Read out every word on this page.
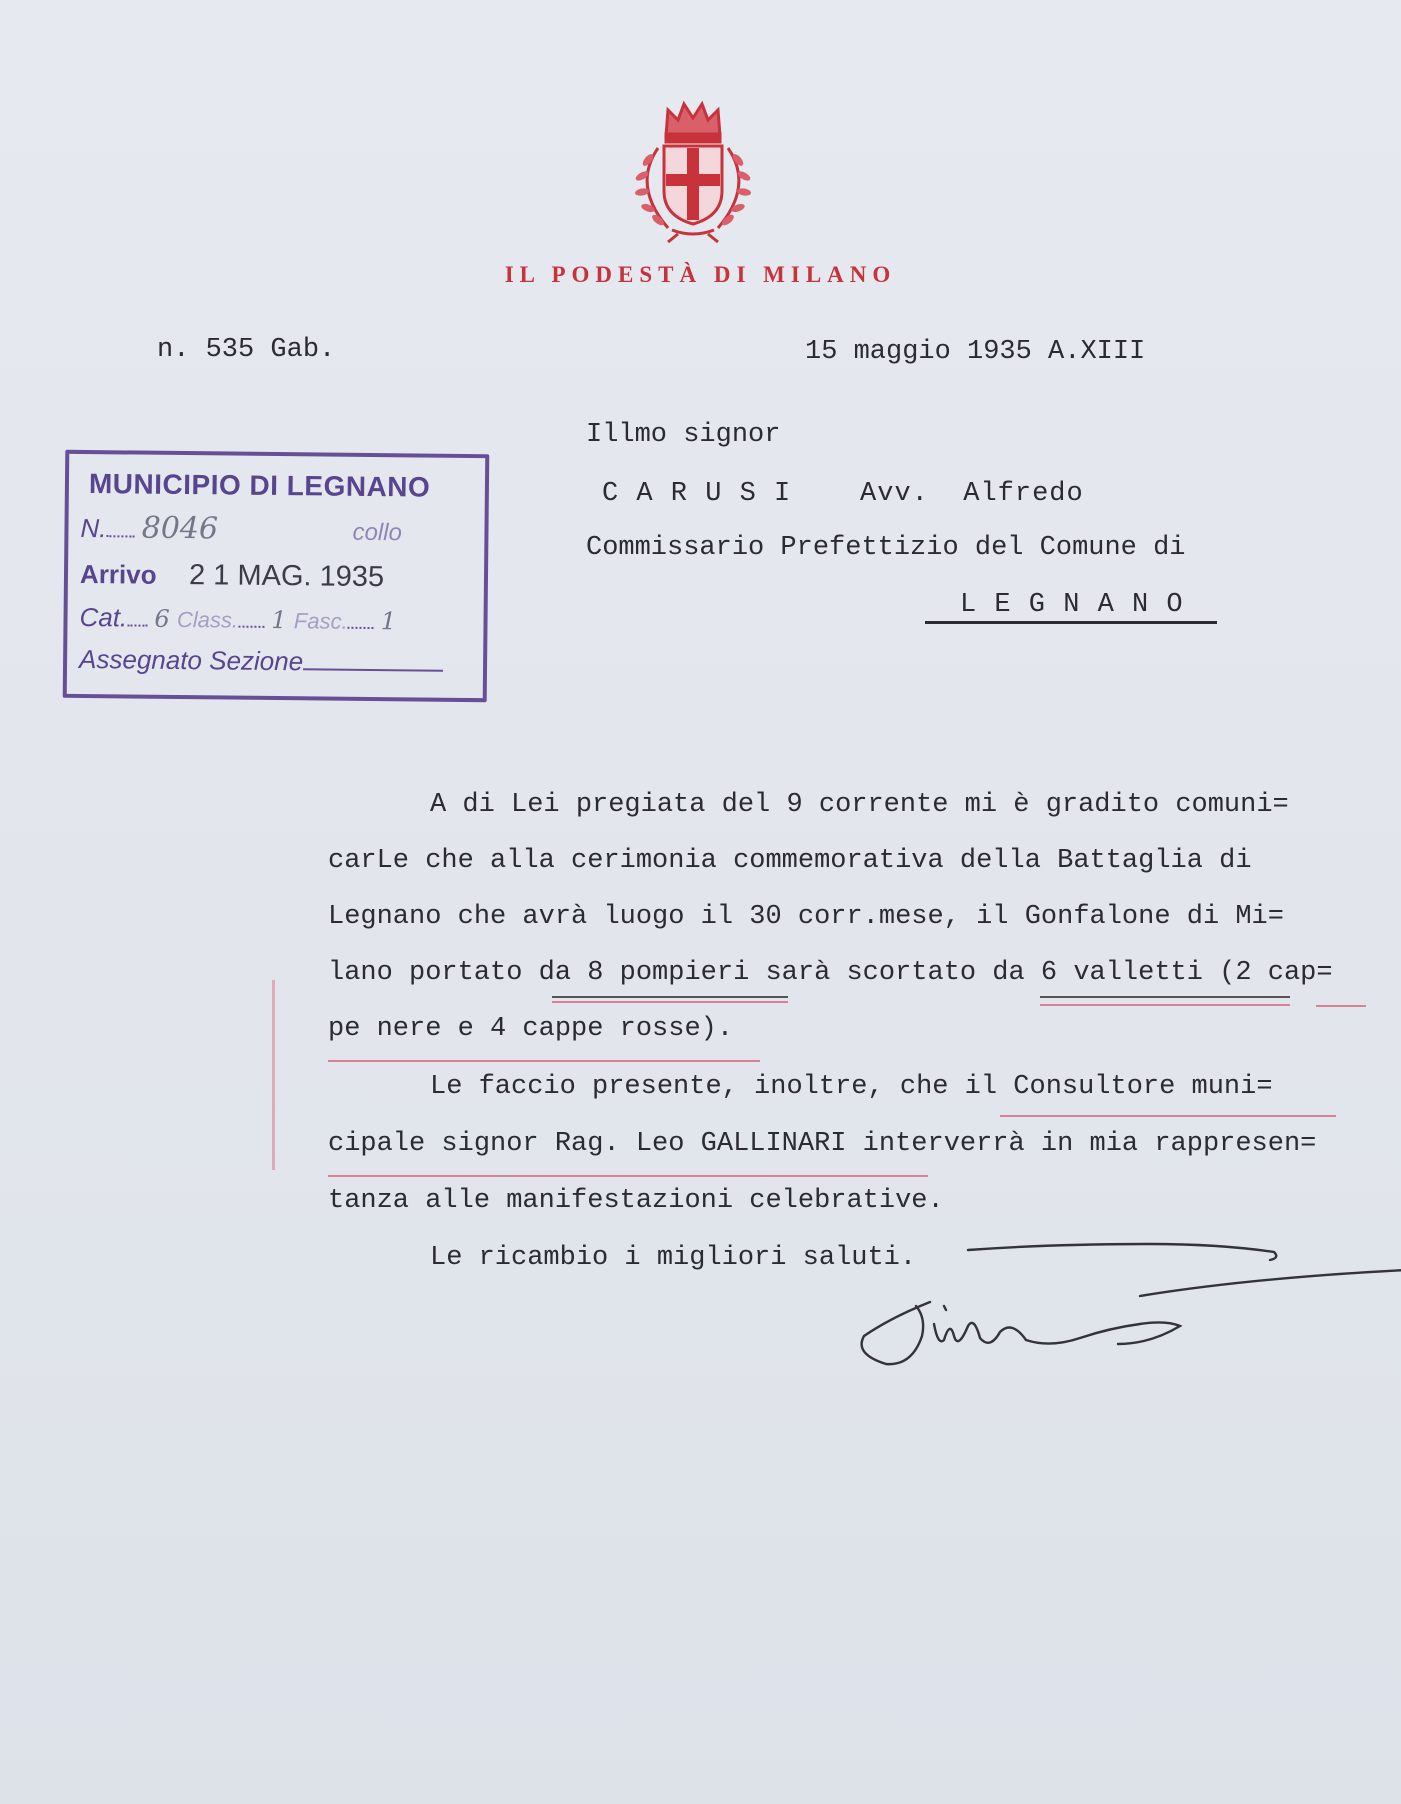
IL PODESTÀ DI MILANO
n. 535 Gab.	15 maggio 1935 A.XIII
Illmo signor
C A R U S I    Avv.  Alfredo
Commissario Prefettizio del Comune di
L E G N A N O
MUNICIPIO DI LEGNANO
N. 8046	collo
Arrivo 2 1 MAG. 1935
Cat. 6 Class. 1 Fasc. 1
Assegnato Sezione
A di Lei pregiata del 9 corrente mi è gradito comuni=
carLe che alla cerimonia commemorativa della Battaglia di
Legnano che avrà luogo il 30 corr.mese, il Gonfalone di Mi=
lano portato da 8 pompieri sarà scortato da 6 valletti (2 cap=
pe nere e 4 cappe rosse).
Le faccio presente, inoltre, che il Consultore muni=
cipale signor Rag. Leo GALLINARI interverrà in mia rappresen=
tanza alle manifestazioni celebrative.
Le ricambio i migliori saluti.
